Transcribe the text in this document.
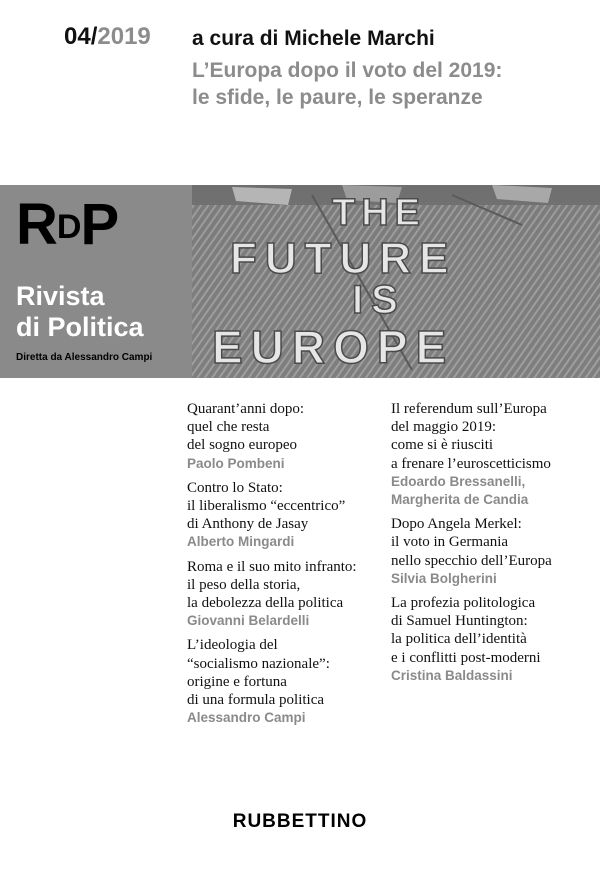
04/2019 a cura di Michele Marchi
L’Europa dopo il voto del 2019:
le sfide, le paure, le speranze
$R^DP$
Rivista
di Politica
Diretta da Alessandro Campi
THE
FUTURE
IS
EUROPE
Quarant’anni dopo:
quel che resta
del sogno europeo
Paolo Pombeni
Contro lo Stato:
il liberalismo “eccentrico”
di Anthony de Jasay
Alberto Mingardi
Roma e il suo mito infranto:
il peso della storia,
la debolezza della politica
Giovanni Belardelli
L’ideologia del
“socialismo nazionale”:
origine e fortuna
di una formula politica
Alessandro Campi
Il referendum sull’Europa
del maggio 2019:
come si è riusciti
a frenare l’euroscetticismo
Edoardo Bressanelli,
Margherita de Candia
Dopo Angela Merkel:
il voto in Germania
nello specchio dell’Europa
Silvia Bolgherini
La profezia politologica
di Samuel Huntington:
la politica dell’identità
e i conflitti post-moderni
Cristina Baldassini
RUBBETTINO
